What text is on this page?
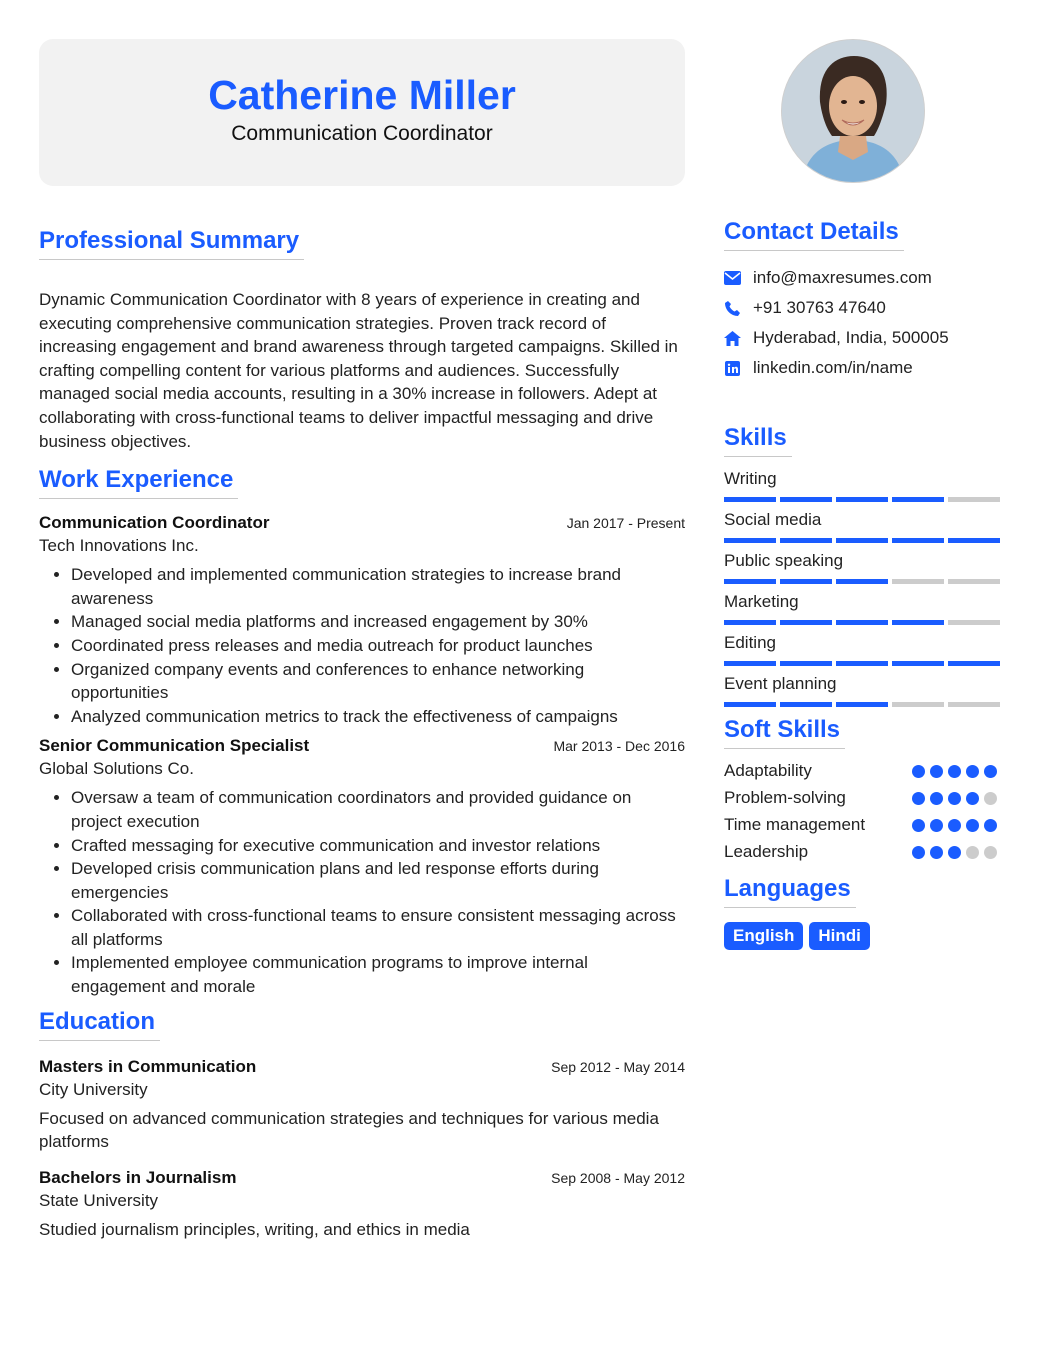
Catherine Miller
Communication Coordinator
Professional Summary
Dynamic Communication Coordinator with 8 years of experience in creating and executing comprehensive communication strategies. Proven track record of increasing engagement and brand awareness through targeted campaigns. Skilled in crafting compelling content for various platforms and audiences. Successfully managed social media accounts, resulting in a 30% increase in followers. Adept at collaborating with cross-functional teams to deliver impactful messaging and drive business objectives.
Work Experience
Communication Coordinator	Jan 2017 - Present
Tech Innovations Inc.
• Developed and implemented communication strategies to increase brand awareness
• Managed social media platforms and increased engagement by 30%
• Coordinated press releases and media outreach for product launches
• Organized company events and conferences to enhance networking opportunities
• Analyzed communication metrics to track the effectiveness of campaigns
Senior Communication Specialist	Mar 2013 - Dec 2016
Global Solutions Co.
• Oversaw a team of communication coordinators and provided guidance on project execution
• Crafted messaging for executive communication and investor relations
• Developed crisis communication plans and led response efforts during emergencies
• Collaborated with cross-functional teams to ensure consistent messaging across all platforms
• Implemented employee communication programs to improve internal engagement and morale
Education
Masters in Communication	Sep 2012 - May 2014
City University
Focused on advanced communication strategies and techniques for various media platforms
Bachelors in Journalism	Sep 2008 - May 2012
State University
Studied journalism principles, writing, and ethics in media
Contact Details
info@maxresumes.com
+91 30763 47640
Hyderabad, India, 500005
linkedin.com/in/name
Skills
Writing
Social media
Public speaking
Marketing
Editing
Event planning
Soft Skills
Adaptability
Problem-solving
Time management
Leadership
Languages
English	Hindi
